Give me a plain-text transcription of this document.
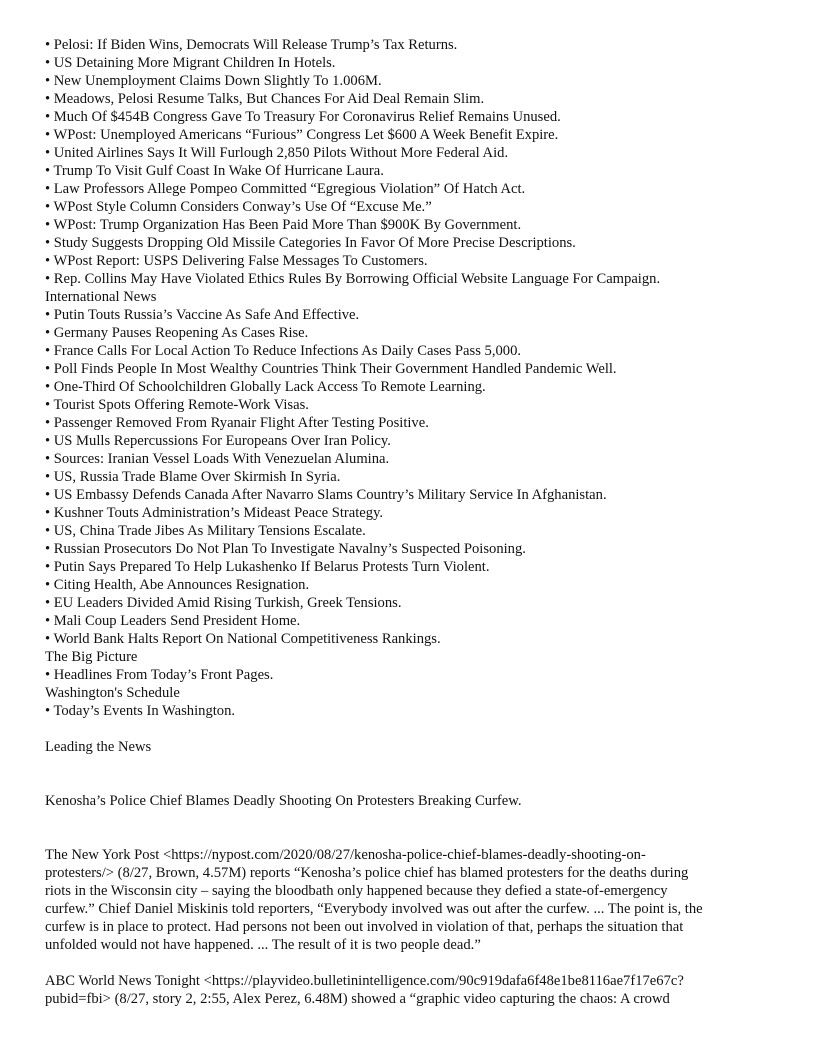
• Pelosi: If Biden Wins, Democrats Will Release Trump’s Tax Returns.
• US Detaining More Migrant Children In Hotels.
• New Unemployment Claims Down Slightly To 1.006M.
• Meadows, Pelosi Resume Talks, But Chances For Aid Deal Remain Slim.
• Much Of $454B Congress Gave To Treasury For Coronavirus Relief Remains Unused.
• WPost: Unemployed Americans “Furious” Congress Let $600 A Week Benefit Expire.
• United Airlines Says It Will Furlough 2,850 Pilots Without More Federal Aid.
• Trump To Visit Gulf Coast In Wake Of Hurricane Laura.
• Law Professors Allege Pompeo Committed “Egregious Violation” Of Hatch Act.
• WPost Style Column Considers Conway’s Use Of “Excuse Me.”
• WPost: Trump Organization Has Been Paid More Than $900K By Government.
• Study Suggests Dropping Old Missile Categories In Favor Of More Precise Descriptions.
• WPost Report: USPS Delivering False Messages To Customers.
• Rep. Collins May Have Violated Ethics Rules By Borrowing Official Website Language For Campaign.
International News
• Putin Touts Russia’s Vaccine As Safe And Effective.
• Germany Pauses Reopening As Cases Rise.
• France Calls For Local Action To Reduce Infections As Daily Cases Pass 5,000.
• Poll Finds People In Most Wealthy Countries Think Their Government Handled Pandemic Well.
• One-Third Of Schoolchildren Globally Lack Access To Remote Learning.
• Tourist Spots Offering Remote-Work Visas.
• Passenger Removed From Ryanair Flight After Testing Positive.
• US Mulls Repercussions For Europeans Over Iran Policy.
• Sources: Iranian Vessel Loads With Venezuelan Alumina.
• US, Russia Trade Blame Over Skirmish In Syria.
• US Embassy Defends Canada After Navarro Slams Country’s Military Service In Afghanistan.
• Kushner Touts Administration’s Mideast Peace Strategy.
• US, China Trade Jibes As Military Tensions Escalate.
• Russian Prosecutors Do Not Plan To Investigate Navalny’s Suspected Poisoning.
• Putin Says Prepared To Help Lukashenko If Belarus Protests Turn Violent.
• Citing Health, Abe Announces Resignation.
• EU Leaders Divided Amid Rising Turkish, Greek Tensions.
• Mali Coup Leaders Send President Home.
• World Bank Halts Report On National Competitiveness Rankings.
The Big Picture
• Headlines From Today’s Front Pages.
Washington's Schedule
• Today’s Events In Washington.
Leading the News
Kenosha’s Police Chief Blames Deadly Shooting On Protesters Breaking Curfew.
The New York Post <https://nypost.com/2020/08/27/kenosha-police-chief-blames-deadly-shooting-on-
protesters/> (8/27, Brown, 4.57M) reports “Kenosha’s police chief has blamed protesters for the deaths during
riots in the Wisconsin city – saying the bloodbath only happened because they defied a state-of-emergency
curfew.” Chief Daniel Miskinis told reporters, “Everybody involved was out after the curfew. ... The point is, the
curfew is in place to protect. Had persons not been out involved in violation of that, perhaps the situation that
unfolded would not have happened. ... The result of it is two people dead.”
ABC World News Tonight <https://playvideo.bulletinintelligence.com/90c919dafa6f48e1be8116ae7f17e67c?
pubid=fbi> (8/27, story 2, 2:55, Alex Perez, 6.48M) showed a “graphic video capturing the chaos: A crowd
